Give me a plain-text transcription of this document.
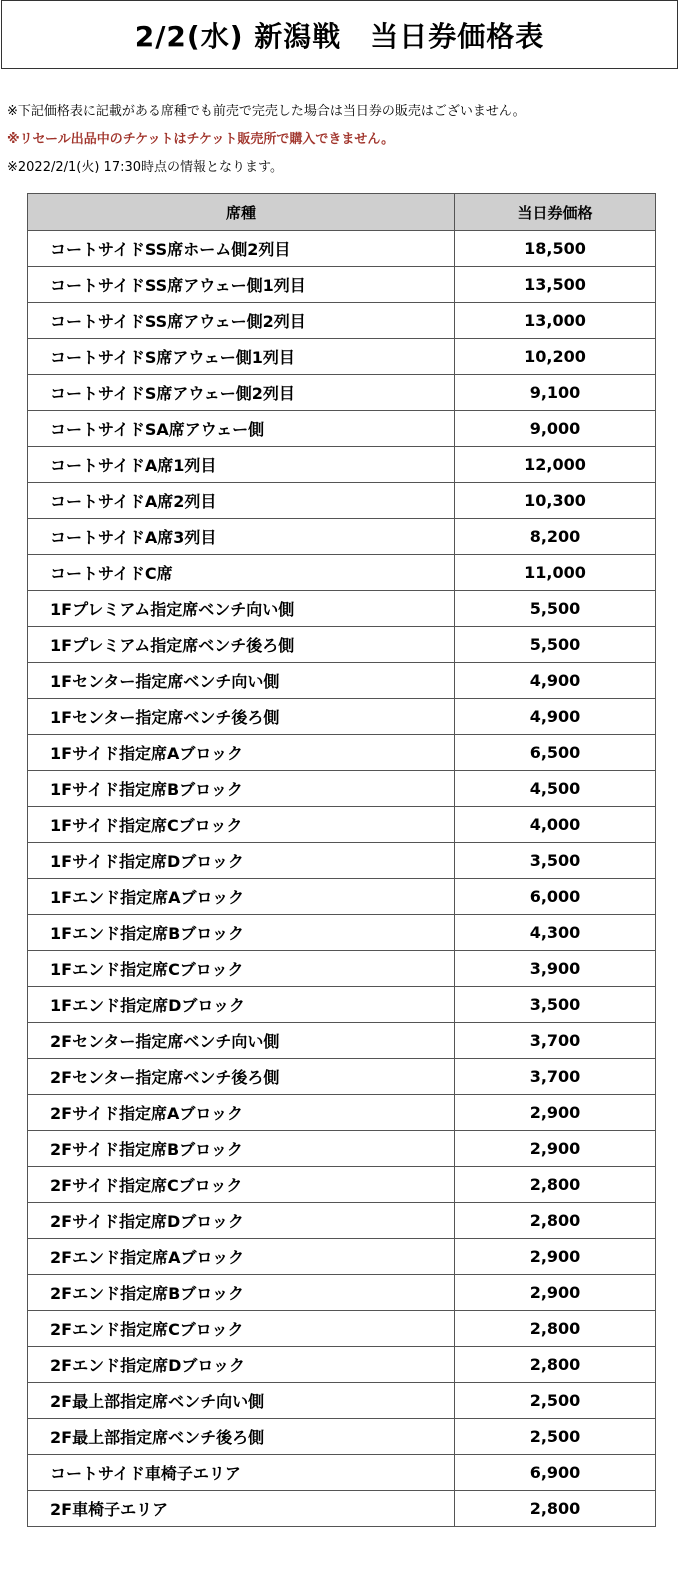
2/2(水) 新潟戦　当日券価格表
※下記価格表に記載がある席種でも前売で完売した場合は当日券の販売はございません。
※リセール出品中のチケットはチケット販売所で購入できません。
※2022/2/1(火) 17:30時点の情報となります。
席種	当日券価格
コートサイドSS席ホーム側2列目	18,500
コートサイドSS席アウェー側1列目	13,500
コートサイドSS席アウェー側2列目	13,000
コートサイドS席アウェー側1列目	10,200
コートサイドS席アウェー側2列目	9,100
コートサイドSA席アウェー側	9,000
コートサイドA席1列目	12,000
コートサイドA席2列目	10,300
コートサイドA席3列目	8,200
コートサイドC席	11,000
1Fプレミアム指定席ベンチ向い側	5,500
1Fプレミアム指定席ベンチ後ろ側	5,500
1Fセンター指定席ベンチ向い側	4,900
1Fセンター指定席ベンチ後ろ側	4,900
1Fサイド指定席Aブロック	6,500
1Fサイド指定席Bブロック	4,500
1Fサイド指定席Cブロック	4,000
1Fサイド指定席Dブロック	3,500
1Fエンド指定席Aブロック	6,000
1Fエンド指定席Bブロック	4,300
1Fエンド指定席Cブロック	3,900
1Fエンド指定席Dブロック	3,500
2Fセンター指定席ベンチ向い側	3,700
2Fセンター指定席ベンチ後ろ側	3,700
2Fサイド指定席Aブロック	2,900
2Fサイド指定席Bブロック	2,900
2Fサイド指定席Cブロック	2,800
2Fサイド指定席Dブロック	2,800
2Fエンド指定席Aブロック	2,900
2Fエンド指定席Bブロック	2,900
2Fエンド指定席Cブロック	2,800
2Fエンド指定席Dブロック	2,800
2F最上部指定席ベンチ向い側	2,500
2F最上部指定席ベンチ後ろ側	2,500
コートサイド車椅子エリア	6,900
2F車椅子エリア	2,800
